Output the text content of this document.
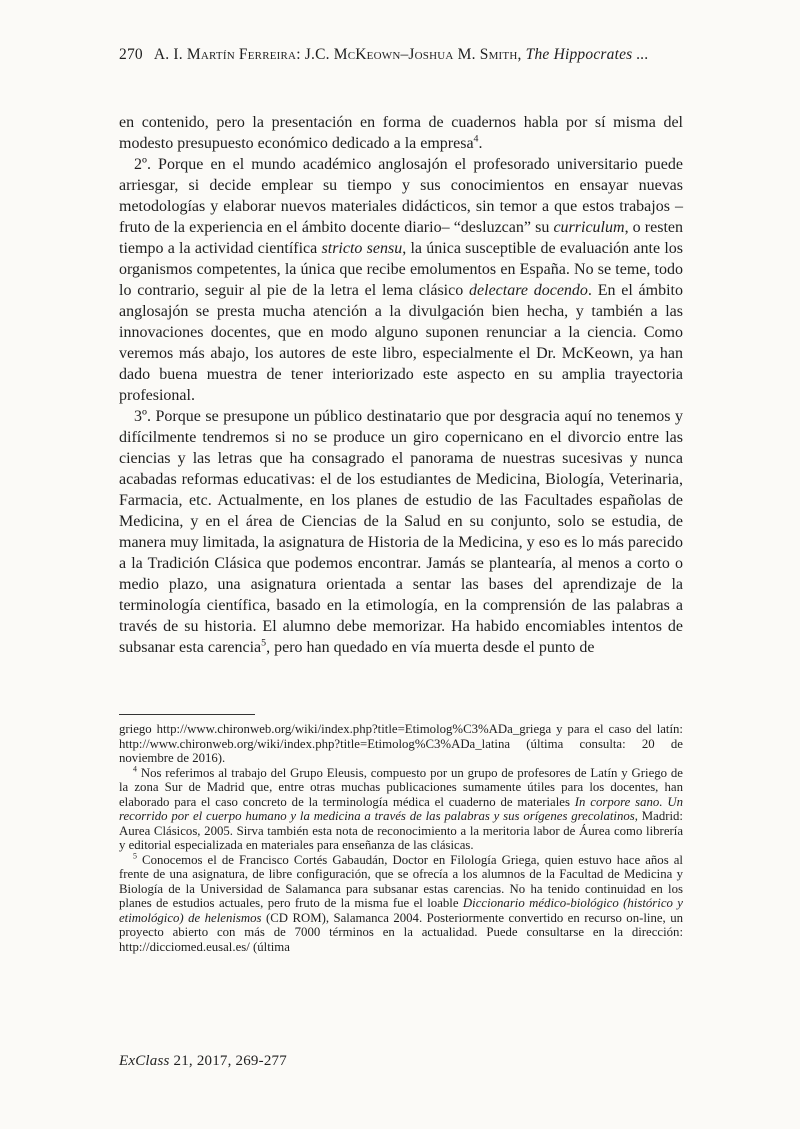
270 A. I. Martín Ferreira: J.C. McKeown–Joshua M. Smith, The Hippocrates ...

en contenido, pero la presentación en forma de cuadernos habla por sí misma del modesto presupuesto económico dedicado a la empresa$^4$.

2º. Porque en el mundo académico anglosajón el profesorado universitario puede arriesgar, si decide emplear su tiempo y sus conocimientos en ensayar nuevas metodologías y elaborar nuevos materiales didácticos, sin temor a que estos trabajos –fruto de la experiencia en el ámbito docente diario– “desluzcan” su curriculum, o resten tiempo a la actividad científica stricto sensu, la única susceptible de evaluación ante los organismos competentes, la única que recibe emolumentos en España. No se teme, todo lo contrario, seguir al pie de la letra el lema clásico delectare docendo. En el ámbito anglosajón se presta mucha atención a la divulgación bien hecha, y también a las innovaciones docentes, que en modo alguno suponen renunciar a la ciencia. Como veremos más abajo, los autores de este libro, especialmente el Dr. McKeown, ya han dado buena muestra de tener interiorizado este aspecto en su amplia trayectoria profesional.

3º. Porque se presupone un público destinatario que por desgracia aquí no tenemos y difícilmente tendremos si no se produce un giro copernicano en el divorcio entre las ciencias y las letras que ha consagrado el panorama de nuestras sucesivas y nunca acabadas reformas educativas: el de los estudiantes de Medicina, Biología, Veterinaria, Farmacia, etc. Actualmente, en los planes de estudio de las Facultades españolas de Medicina, y en el área de Ciencias de la Salud en su conjunto, solo se estudia, de manera muy limitada, la asignatura de Historia de la Medicina, y eso es lo más parecido a la Tradición Clásica que podemos encontrar. Jamás se plantearía, al menos a corto o medio plazo, una asignatura orientada a sentar las bases del aprendizaje de la terminología científica, basado en la etimología, en la comprensión de las palabras a través de su historia. El alumno debe memorizar. Ha habido encomiables intentos de subsanar esta carencia$^5$, pero han quedado en vía muerta desde el punto de

griego http://www.chironweb.org/wiki/index.php?title=Etimolog%C3%ADa_griega y para el caso del latín: http://www.chironweb.org/wiki/index.php?title=Etimolog%C3%ADa_latina (última consulta: 20 de noviembre de 2016).

$^4$ Nos referimos al trabajo del Grupo Eleusis, compuesto por un grupo de profesores de Latín y Griego de la zona Sur de Madrid que, entre otras muchas publicaciones sumamente útiles para los docentes, han elaborado para el caso concreto de la terminología médica el cuaderno de materiales In corpore sano. Un recorrido por el cuerpo humano y la medicina a través de las palabras y sus orígenes grecolatinos, Madrid: Aurea Clásicos, 2005. Sirva también esta nota de reconocimiento a la meritoria labor de Áurea como librería y editorial especializada en materiales para enseñanza de las clásicas.

$^5$ Conocemos el de Francisco Cortés Gabaudán, Doctor en Filología Griega, quien estuvo hace años al frente de una asignatura, de libre configuración, que se ofrecía a los alumnos de la Facultad de Medicina y Biología de la Universidad de Salamanca para subsanar estas carencias. No ha tenido continuidad en los planes de estudios actuales, pero fruto de la misma fue el loable Diccionario médico-biológico (histórico y etimológico) de helenismos (CD ROM), Salamanca 2004. Posteriormente convertido en recurso on-line, un proyecto abierto con más de 7000 términos en la actualidad. Puede consultarse en la dirección: http://dicciomed.eusal.es/ (última

ExClass 21, 2017, 269-277
